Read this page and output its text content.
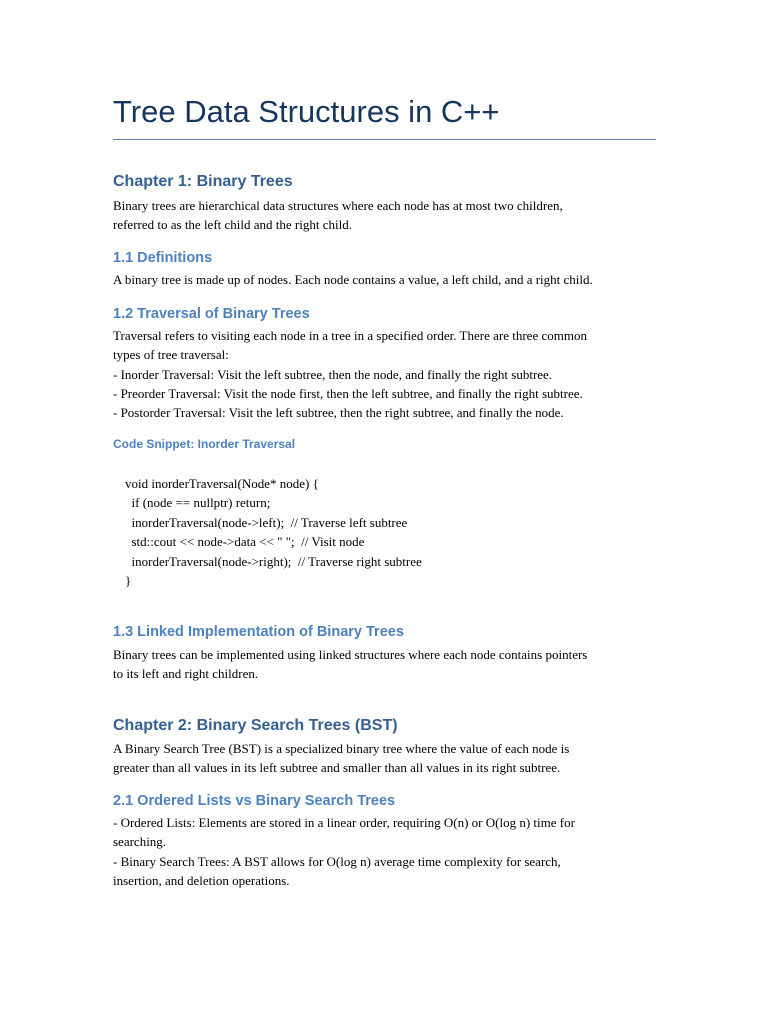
Tree Data Structures in C++
Chapter 1: Binary Trees

Binary trees are hierarchical data structures where each node has at most two children,
referred to as the left child and the right child.

1.1 Definitions

A binary tree is made up of nodes. Each node contains a value, a left child, and a right child.

1.2 Traversal of Binary Trees

Traversal refers to visiting each node in a tree in a specified order. There are three common
types of tree traversal:
- Inorder Traversal: Visit the left subtree, then the node, and finally the right subtree.
- Preorder Traversal: Visit the node first, then the left subtree, and finally the right subtree.
- Postorder Traversal: Visit the left subtree, then the right subtree, and finally the node.

Code Snippet: Inorder Traversal
void inorderTraversal(Node* node) {
if (node == nullptr) return;
inorderTraversal(node->left);  // Traverse left subtree
std::cout << node->data << " ";  // Visit node
inorderTraversal(node->right);  // Traverse right subtree
}
1.3 Linked Implementation of Binary Trees

Binary trees can be implemented using linked structures where each node contains pointers
to its left and right children.

Chapter 2: Binary Search Trees (BST)

A Binary Search Tree (BST) is a specialized binary tree where the value of each node is
greater than all values in its left subtree and smaller than all values in its right subtree.

2.1 Ordered Lists vs Binary Search Trees

- Ordered Lists: Elements are stored in a linear order, requiring O(n) or O(log n) time for
searching.
- Binary Search Trees: A BST allows for O(log n) average time complexity for search,
insertion, and deletion operations.
